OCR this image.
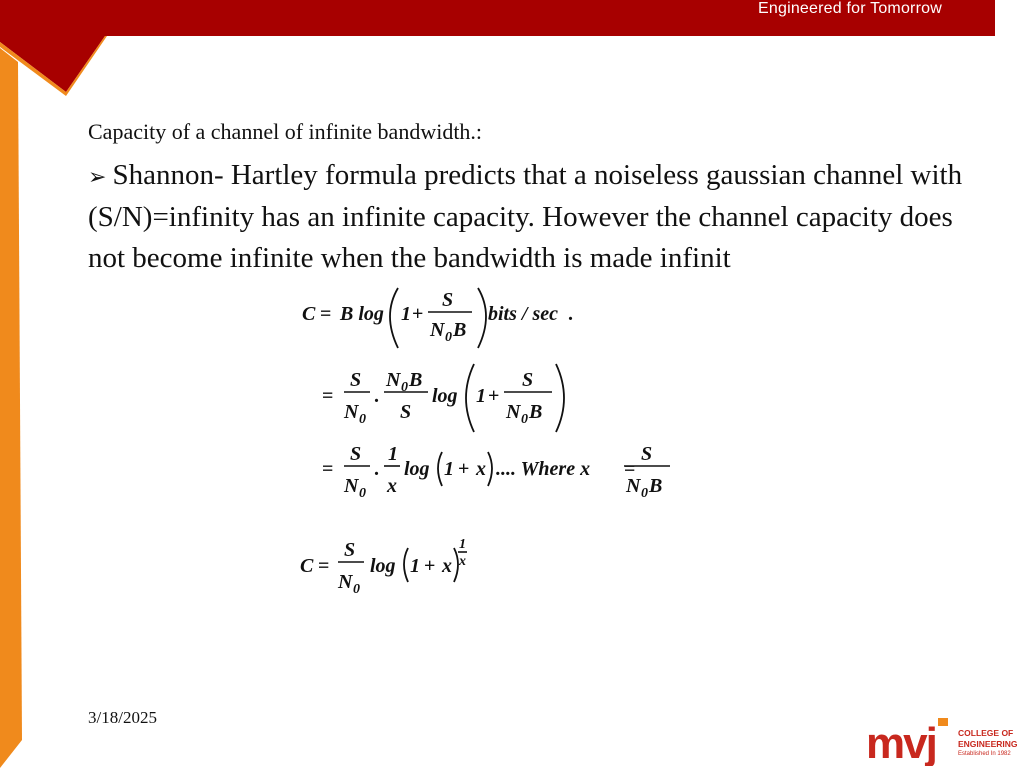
Engineered for Tomorrow
Capacity of a channel of infinite bandwidth.:
➢ Shannon- Hartley formula predicts that a noiseless gaussian channel with (S/N)=infinity has an infinite capacity. However the channel capacity does not become infinite when the bandwidth is made infinit
C = B log 1 +
S
N 0 B
bits / sec .
=
S
N 0
.
N 0 B
S
log 1 +
S
N 0 B
=
S
N 0
.
1
x
log 1 + x .... Where x =
S
N 0 B
C =
S
N 0
log 1 + x
1
x
3/18/2025
mvj	COLLEGE OF
ENGINEERING
Established In 1982
